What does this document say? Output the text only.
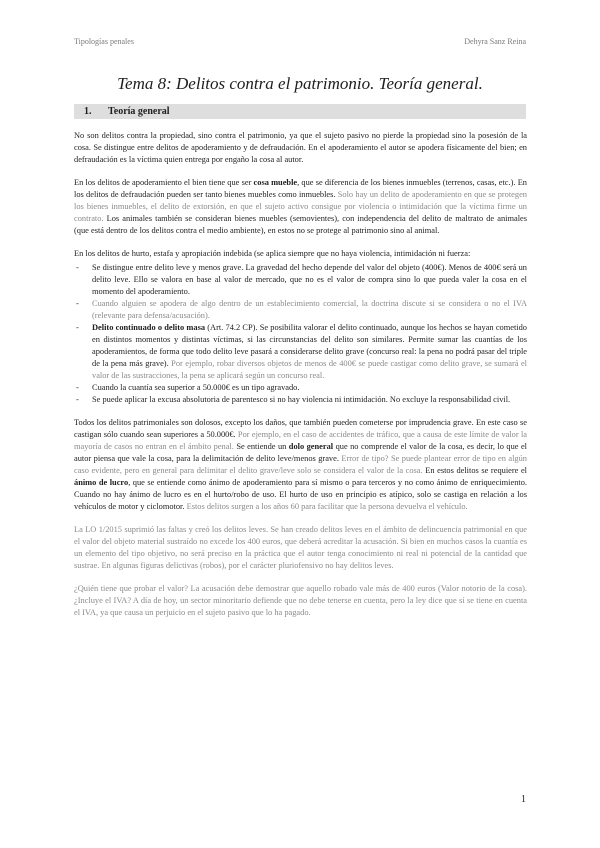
Tipologías penales	Dehyra Sanz Reina
Tema 8: Delitos contra el patrimonio. Teoría general.
1. Teoría general

No son delitos contra la propiedad, sino contra el patrimonio, ya que el sujeto pasivo no pierde la propiedad sino la posesión de la cosa. Se distingue entre delitos de apoderamiento y de defraudación. En el apoderamiento el autor se apodera físicamente del bien; en defraudación es la víctima quien entrega por engaño la cosa al autor.

En los delitos de apoderamiento el bien tiene que ser cosa mueble, que se diferencia de los bienes inmuebles (terrenos, casas, etc.). En los delitos de defraudación pueden ser tanto bienes muebles como inmuebles. Solo hay un delito de apoderamiento en que se protegen los bienes inmuebles, el delito de extorsión, en que el sujeto activo consigue por violencia o intimidación que la víctima firme un contrato. Los animales también se consideran bienes muebles (semovientes), con independencia del delito de maltrato de animales (que está dentro de los delitos contra el medio ambiente), en estos no se protege al patrimonio sino al animal.

En los delitos de hurto, estafa y apropiación indebida (se aplica siempre que no haya violencia, intimidación ni fuerza:

- Se distingue entre delito leve y menos grave. La gravedad del hecho depende del valor del objeto (400€). Menos de 400€ será un delito leve. Ello se valora en base al valor de mercado, que no es el valor de compra sino lo que pueda valer la cosa en el momento del apoderamiento.
- Cuando alguien se apodera de algo dentro de un establecimiento comercial, la doctrina discute si se considera o no el IVA (relevante para defensa/acusación).
- Delito continuado o delito masa (Art. 74.2 CP). Se posibilita valorar el delito continuado, aunque los hechos se hayan cometido en distintos momentos y distintas víctimas, si las circunstancias del delito son similares. Permite sumar las cuantías de los apoderamientos, de forma que todo delito leve pasará a considerarse delito grave (concurso real: la pena no podrá pasar del triple de la pena más grave). Por ejemplo, robar diversos objetos de menos de 400€ se puede castigar como delito grave, se sumará el valor de las sustracciones, la pena se aplicará según un concurso real.
- Cuando la cuantía sea superior a 50.000€ es un tipo agravado.
- Se puede aplicar la excusa absolutoria de parentesco si no hay violencia ni intimidación. No excluye la responsabilidad civil.

Todos los delitos patrimoniales son dolosos, excepto los daños, que también pueden cometerse por imprudencia grave. En este caso se castigan sólo cuando sean superiores a 50.000€. Por ejemplo, en el caso de accidentes de tráfico, que a causa de este límite de valor la mayoría de casos no entran en el ámbito penal. Se entiende un dolo general que no comprende el valor de la cosa, es decir, lo que el autor piensa que vale la cosa, para la delimitación de delito leve/menos grave. Error de tipo? Se puede plantear error de tipo en algún caso evidente, pero en general para delimitar el delito grave/leve solo se considera el valor de la cosa. En estos delitos se requiere el ánimo de lucro, que se entiende como ánimo de apoderamiento para sí mismo o para terceros y no como ánimo de enriquecimiento. Cuando no hay ánimo de lucro es en el hurto/robo de uso. El hurto de uso en principio es atípico, solo se castiga en relación a los vehículos de motor y ciclomotor. Estos delitos surgen a los años 60 para facilitar que la persona devuelva el vehículo.

La LO 1/2015 suprimió las faltas y creó los delitos leves. Se han creado delitos leves en el ámbito de delincuencia patrimonial en que el valor del objeto material sustraído no excede los 400 euros, que deberá acreditar la acusación. Si bien en muchos casos la cuantía es un elemento del tipo objetivo, no será preciso en la práctica que el autor tenga conocimiento ni real ni potencial de la cantidad que sustrae. En algunas figuras delictivas (robos), por el carácter pluriofensivo no hay delitos leves.

¿Quién tiene que probar el valor? La acusación debe demostrar que aquello robado vale más de 400 euros (Valor notorio de la cosa). ¿Incluye el IVA? A día de hoy, un sector minoritario defiende que no debe tenerse en cuenta, pero la ley dice que sí se tiene en cuenta el IVA, ya que causa un perjuicio en el sujeto pasivo que lo ha pagado.

1
